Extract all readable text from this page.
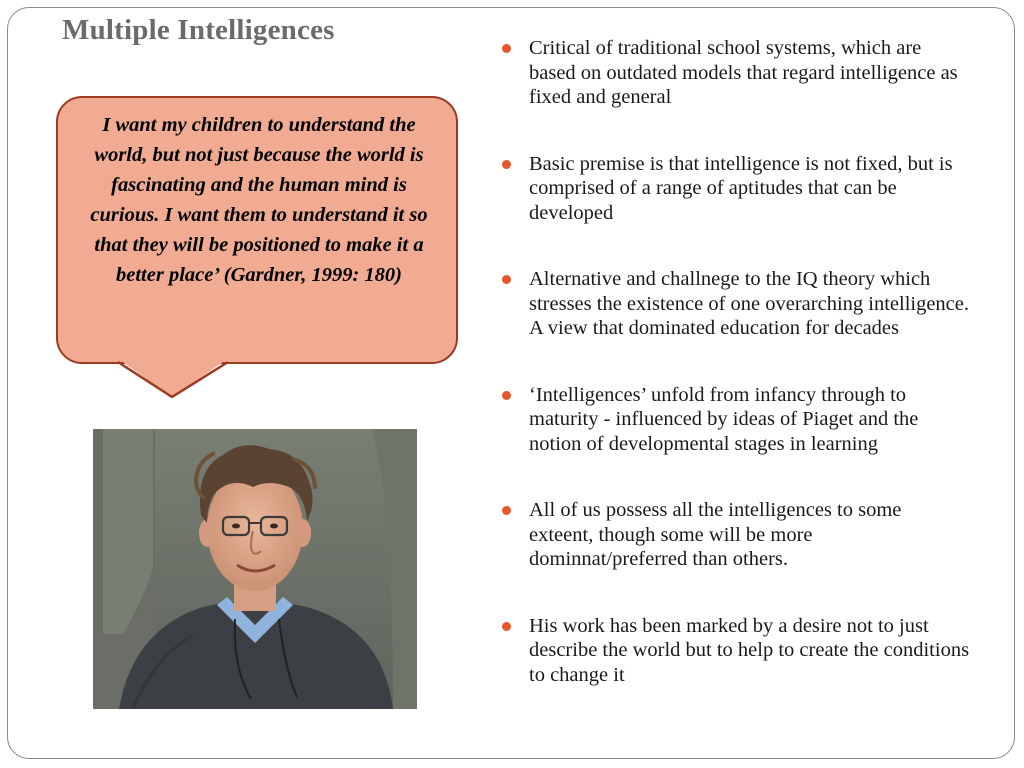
Multiple Intelligences
I want my children to understand the world, but not just because the world is fascinating and the human mind is curious. I want them to understand it so that they will be positioned to make it a better place’ (Gardner, 1999: 180)
Critical of traditional school systems, which are based on outdated models that regard intelligence as fixed and general
Basic premise is that intelligence is not fixed, but is comprised of a range of aptitudes that can be developed
Alternative and challnege to the IQ theory which stresses the existence of one overarching intelligence. A view that dominated education for decades
‘Intelligences’ unfold from infancy through to maturity - influenced by ideas of Piaget and the notion of developmental stages in learning
All of us possess all the intelligences to some exteent, though some will be more dominnat/preferred than others.
His work has been marked by a desire not to just describe the world but to help to create the conditions to change it
